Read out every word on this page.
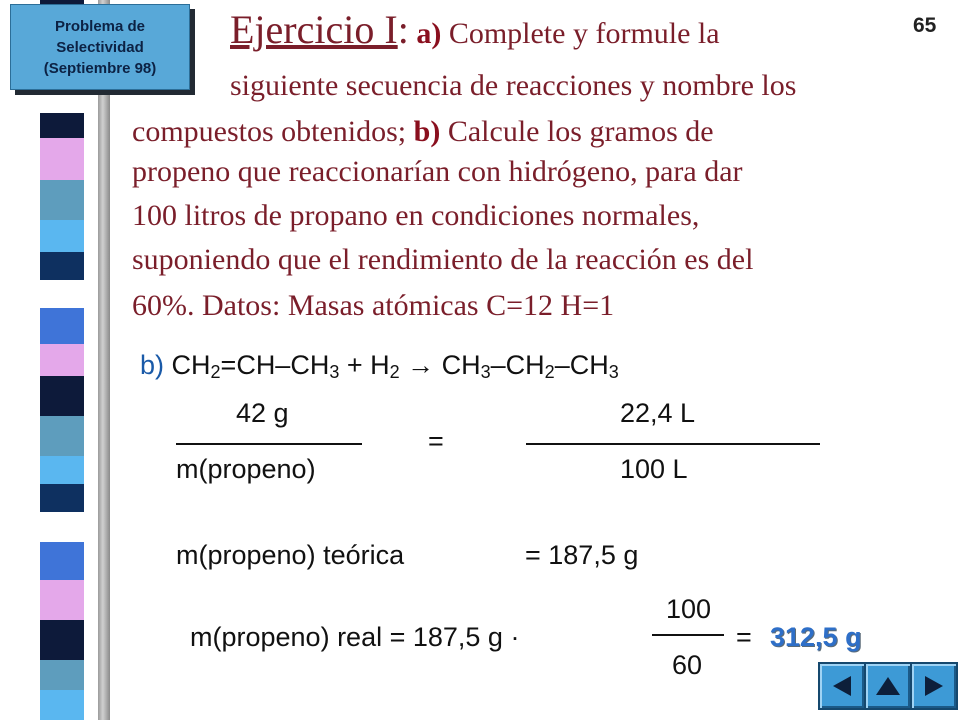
Problema de
Selectividad
(Septiembre 98)
65
Ejercicio I: a) Complete y formule la
siguiente secuencia de reacciones y nombre los
compuestos obtenidos; b) Calcule los gramos de
propeno que reaccionarían con hidrógeno, para dar
100 litros de propano en condiciones normales,
suponiendo que el rendimiento de la reacción es del
60%. Datos: Masas atómicas C=12 H=1
b) $CH_2=CH-CH_3 + H_2 \to CH_3-CH_2-CH_3$
42 g
m(propeno)
=
22,4 L
100 L
m(propeno) teórica	= 187,5 g
m(propeno) real = 187,5 g ·
100
60
= 312,5 g
